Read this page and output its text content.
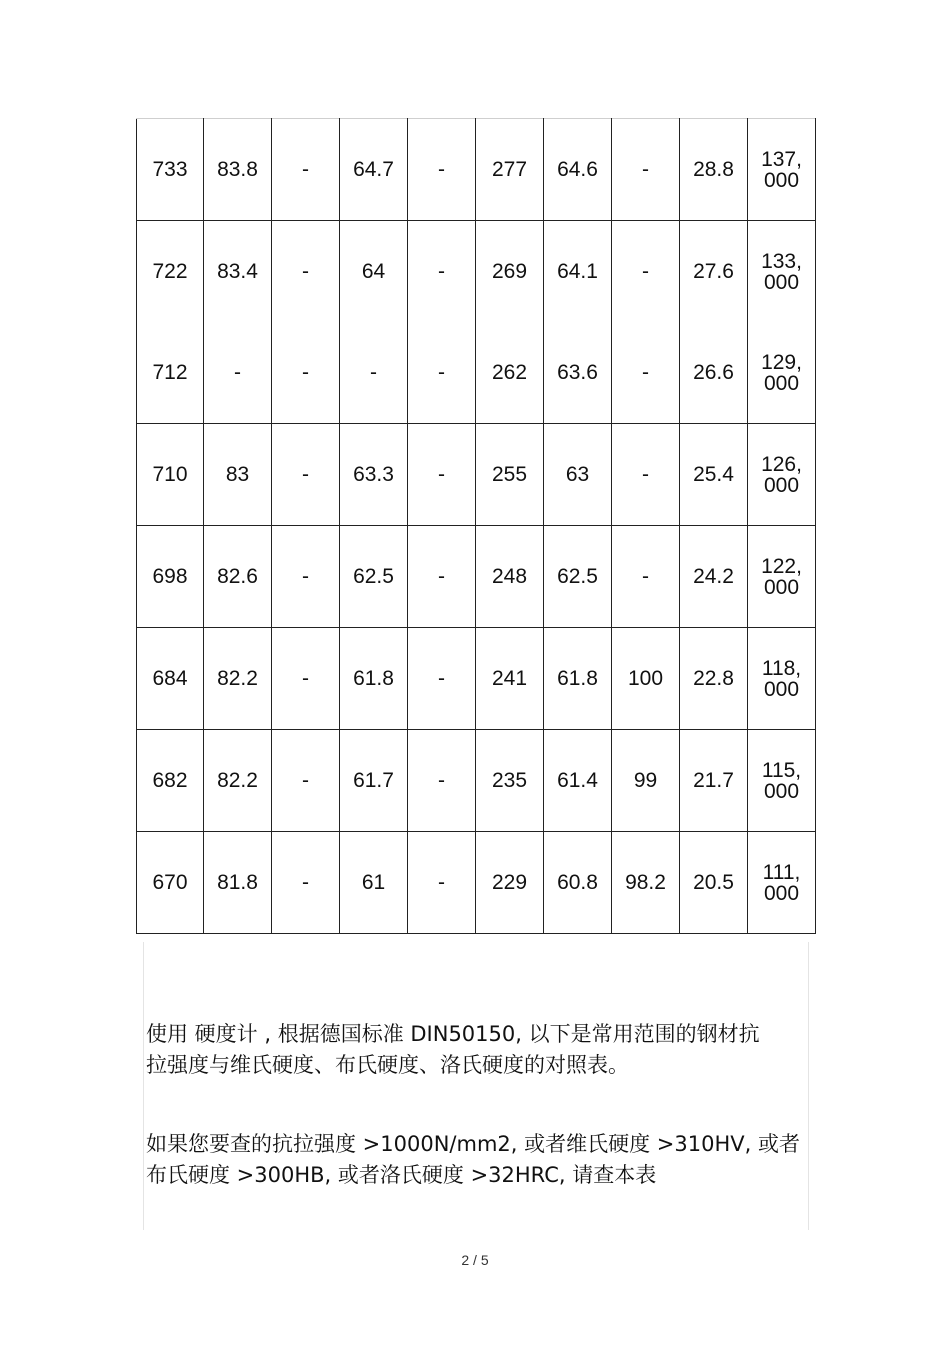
733	83.8	-	64.7	-	277	64.6	-	28.8	137,
000

722	83.4	-	64	-	269	64.1	-	27.6	133,
000

712	-	-	-	-	262	63.6	-	26.6	129,
000

710	83	-	63.3	-	255	63	-	25.4	126,
000

698	82.6	-	62.5	-	248	62.5	-	24.2	122,
000

684	82.2	-	61.8	-	241	61.8	100	22.8	118,
000

682	82.2	-	61.7	-	235	61.4	99	21.7	115,
000

670	81.8	-	61	-	229	60.8	98.2	20.5	111,
000
使用 硬度计 , 根据德国标准 DIN50150, 以下是常用范围的钢材抗
拉强度与维氏硬度、布氏硬度、洛氏硬度的对照表。
如果您要查的抗拉强度 >1000N/mm2, 或者维氏硬度 >310HV, 或者
布氏硬度 >300HB, 或者洛氏硬度 >32HRC, 请查本表
2 / 5
